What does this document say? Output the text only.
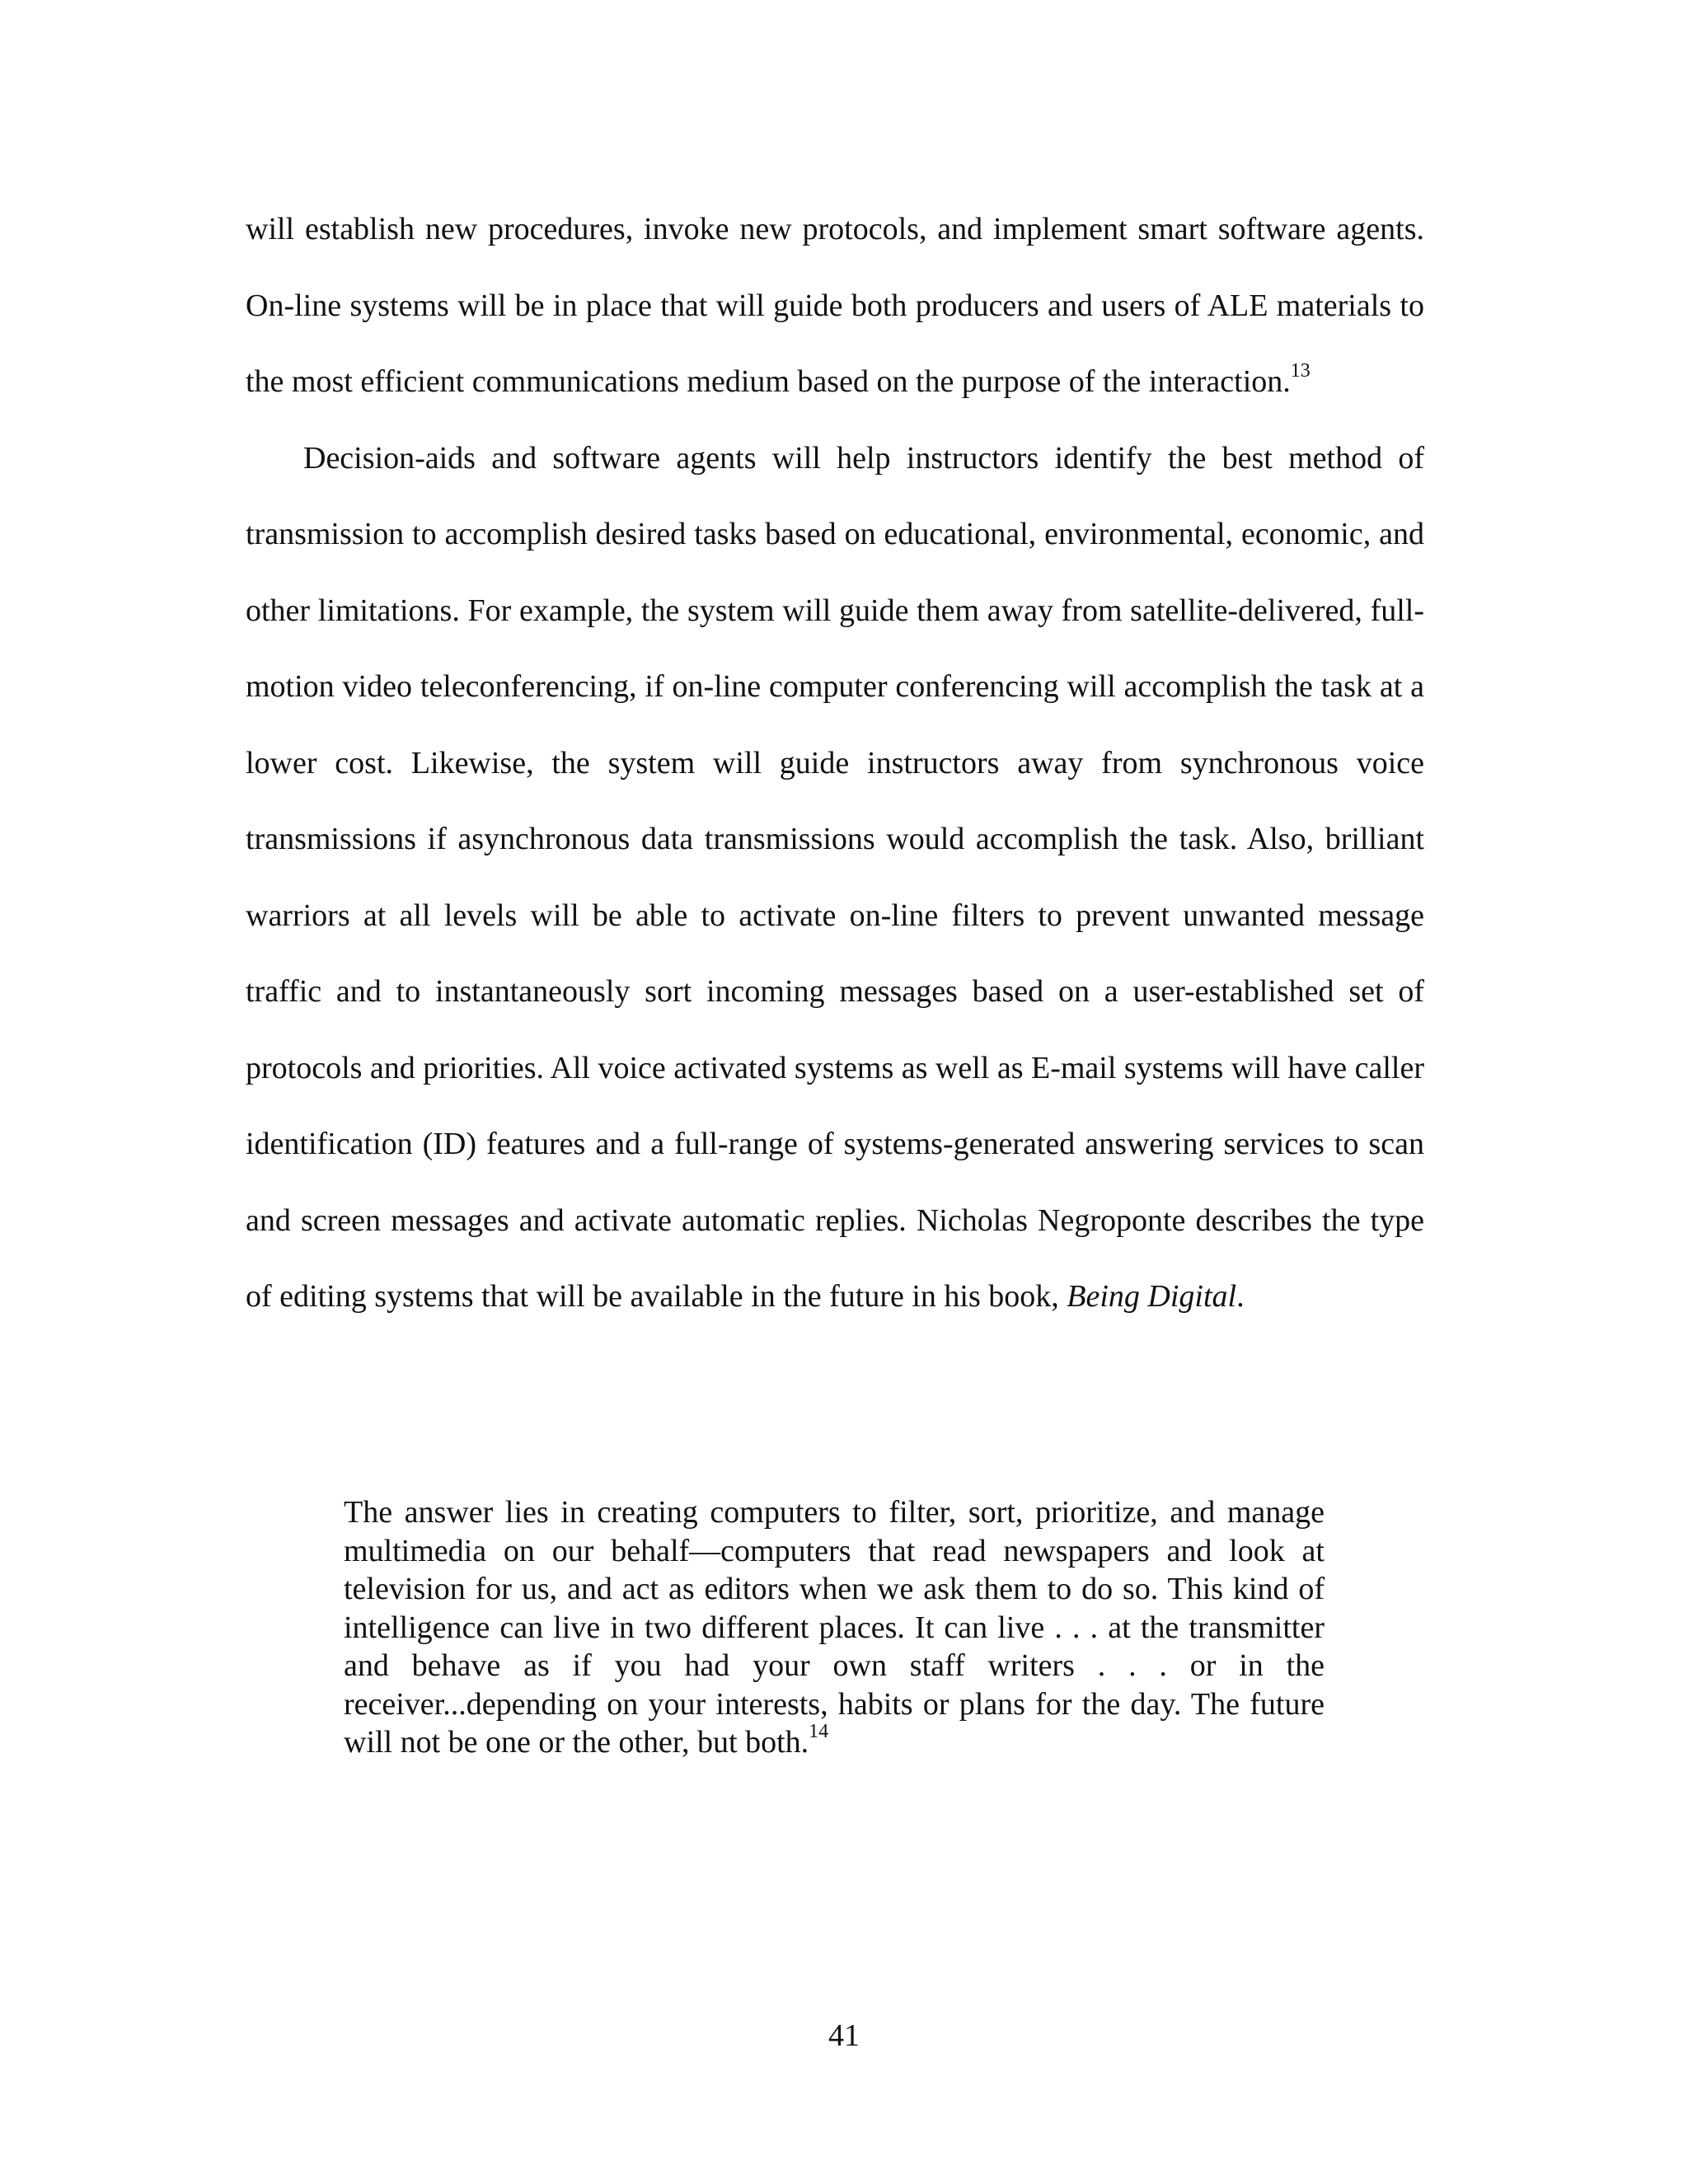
will establish new procedures, invoke new protocols, and implement smart software agents. On-line systems will be in place that will guide both producers and users of ALE materials to the most efficient communications medium based on the purpose of the interaction.$^{13}$

Decision-aids and software agents will help instructors identify the best method of transmission to accomplish desired tasks based on educational, environmental, economic, and other limitations. For example, the system will guide them away from satellite-delivered, full-motion video teleconferencing, if on-line computer conferencing will accomplish the task at a lower cost. Likewise, the system will guide instructors away from synchronous voice transmissions if asynchronous data transmissions would accomplish the task. Also, brilliant warriors at all levels will be able to activate on-line filters to prevent unwanted message traffic and to instantaneously sort incoming messages based on a user-established set of protocols and priorities. All voice activated systems as well as E-mail systems will have caller identification (ID) features and a full-range of systems-generated answering services to scan and screen messages and activate automatic replies. Nicholas Negroponte describes the type of editing systems that will be available in the future in his book, Being Digital.

The answer lies in creating computers to filter, sort, prioritize, and manage multimedia on our behalf—computers that read newspapers and look at television for us, and act as editors when we ask them to do so. This kind of intelligence can live in two different places. It can live . . . at the transmitter and behave as if you had your own staff writers . . . or in the receiver...depending on your interests, habits or plans for the day. The future will not be one or the other, but both.$^{14}$

41
